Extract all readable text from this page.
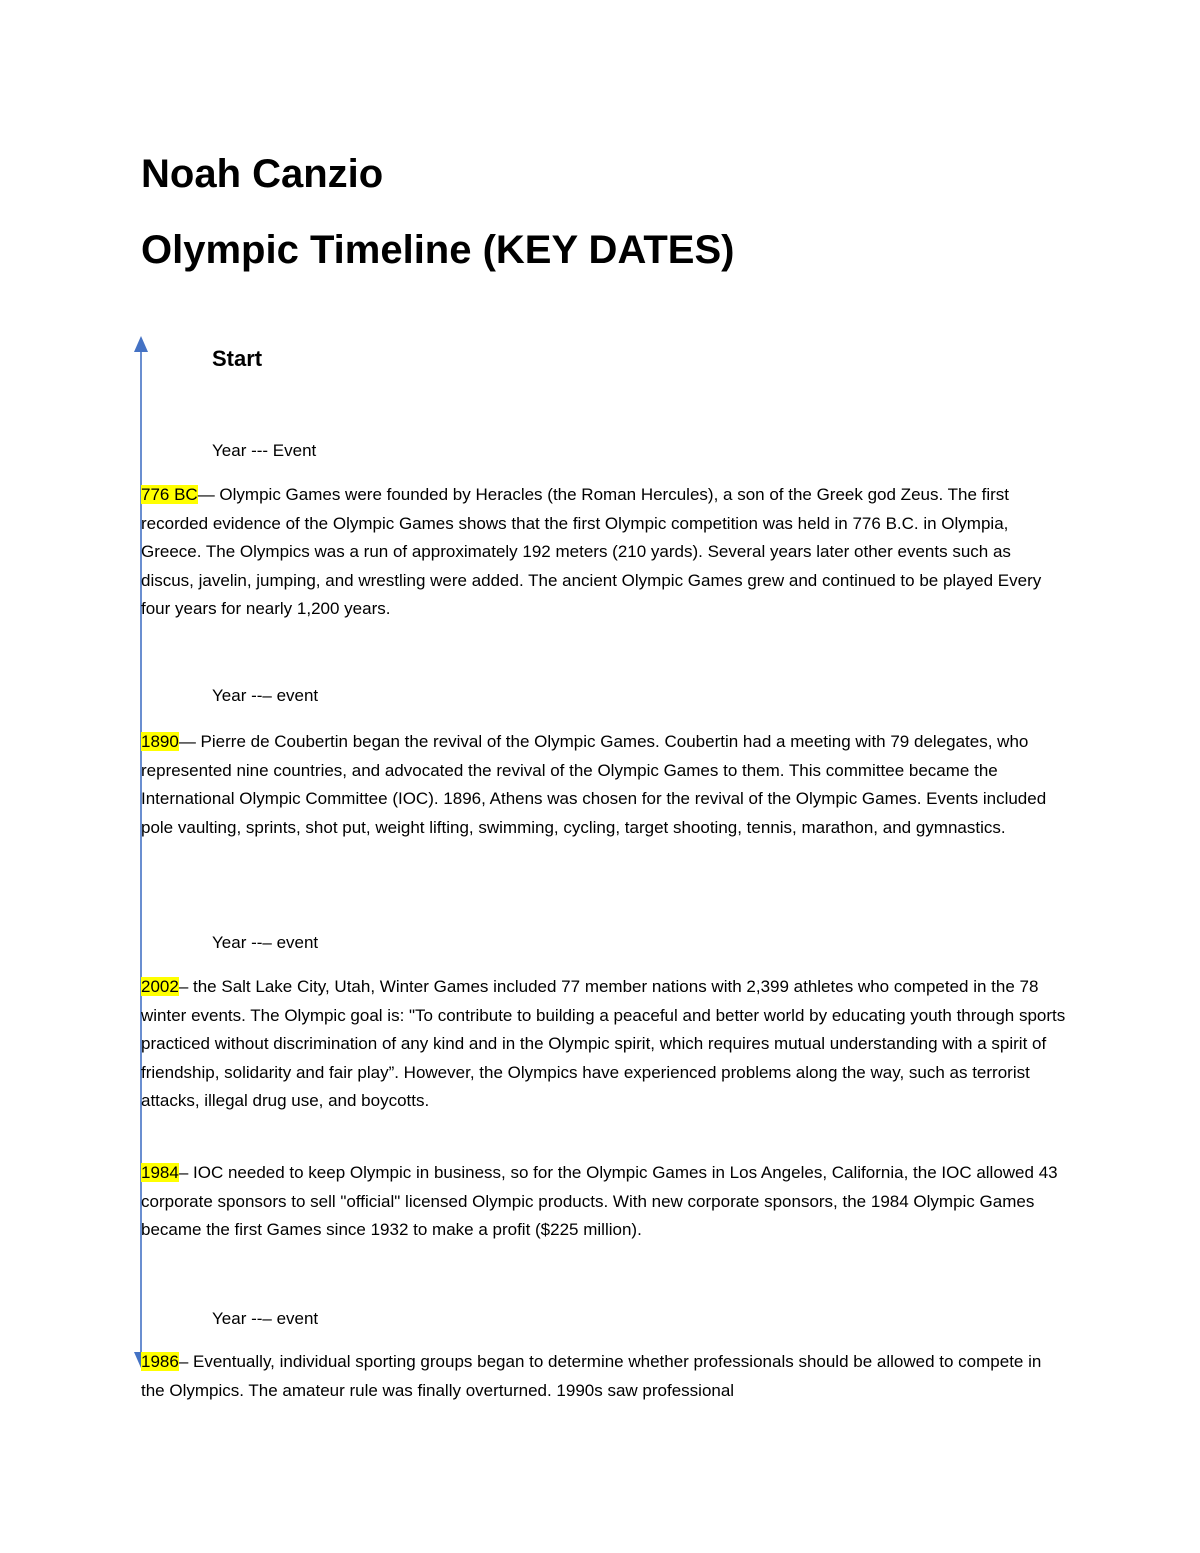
Noah Canzio
Olympic Timeline (KEY DATES)
Start
Year --- Event
776 BC— Olympic Games were founded by Heracles (the Roman Hercules), a son of the Greek god Zeus. The first recorded evidence of the Olympic Games shows that the first Olympic competition was held in 776 B.C. in Olympia, Greece. The Olympics was a run of approximately 192 meters (210 yards). Several years later other events such as discus, javelin, jumping, and wrestling were added. The ancient Olympic Games grew and continued to be played Every four years for nearly 1,200 years.
Year --– event
1890— Pierre de Coubertin began the revival of the Olympic Games. Coubertin had a meeting with 79 delegates, who represented nine countries, and advocated the revival of the Olympic Games to them. This committee became the International Olympic Committee (IOC). 1896, Athens was chosen for the revival of the Olympic Games. Events included pole vaulting, sprints, shot put, weight lifting, swimming, cycling, target shooting, tennis, marathon, and gymnastics.
Year --– event
2002– the Salt Lake City, Utah, Winter Games included 77 member nations with 2,399 athletes who competed in the 78 winter events. The Olympic goal is: "To contribute to building a peaceful and better world by educating youth through sports practiced without discrimination of any kind and in the Olympic spirit, which requires mutual understanding with a spirit of friendship, solidarity and fair play”. However, the Olympics have experienced problems along the way, such as terrorist attacks, illegal drug use, and boycotts.
1984– IOC needed to keep Olympic in business, so for the Olympic Games in Los Angeles, California, the IOC allowed 43 corporate sponsors to sell "official" licensed Olympic products. With new corporate sponsors, the 1984 Olympic Games became the first Games since 1932 to make a profit ($225 million).
Year --– event
1986– Eventually, individual sporting groups began to determine whether professionals should be allowed to compete in the Olympics. The amateur rule was finally overturned. 1990s saw professional
